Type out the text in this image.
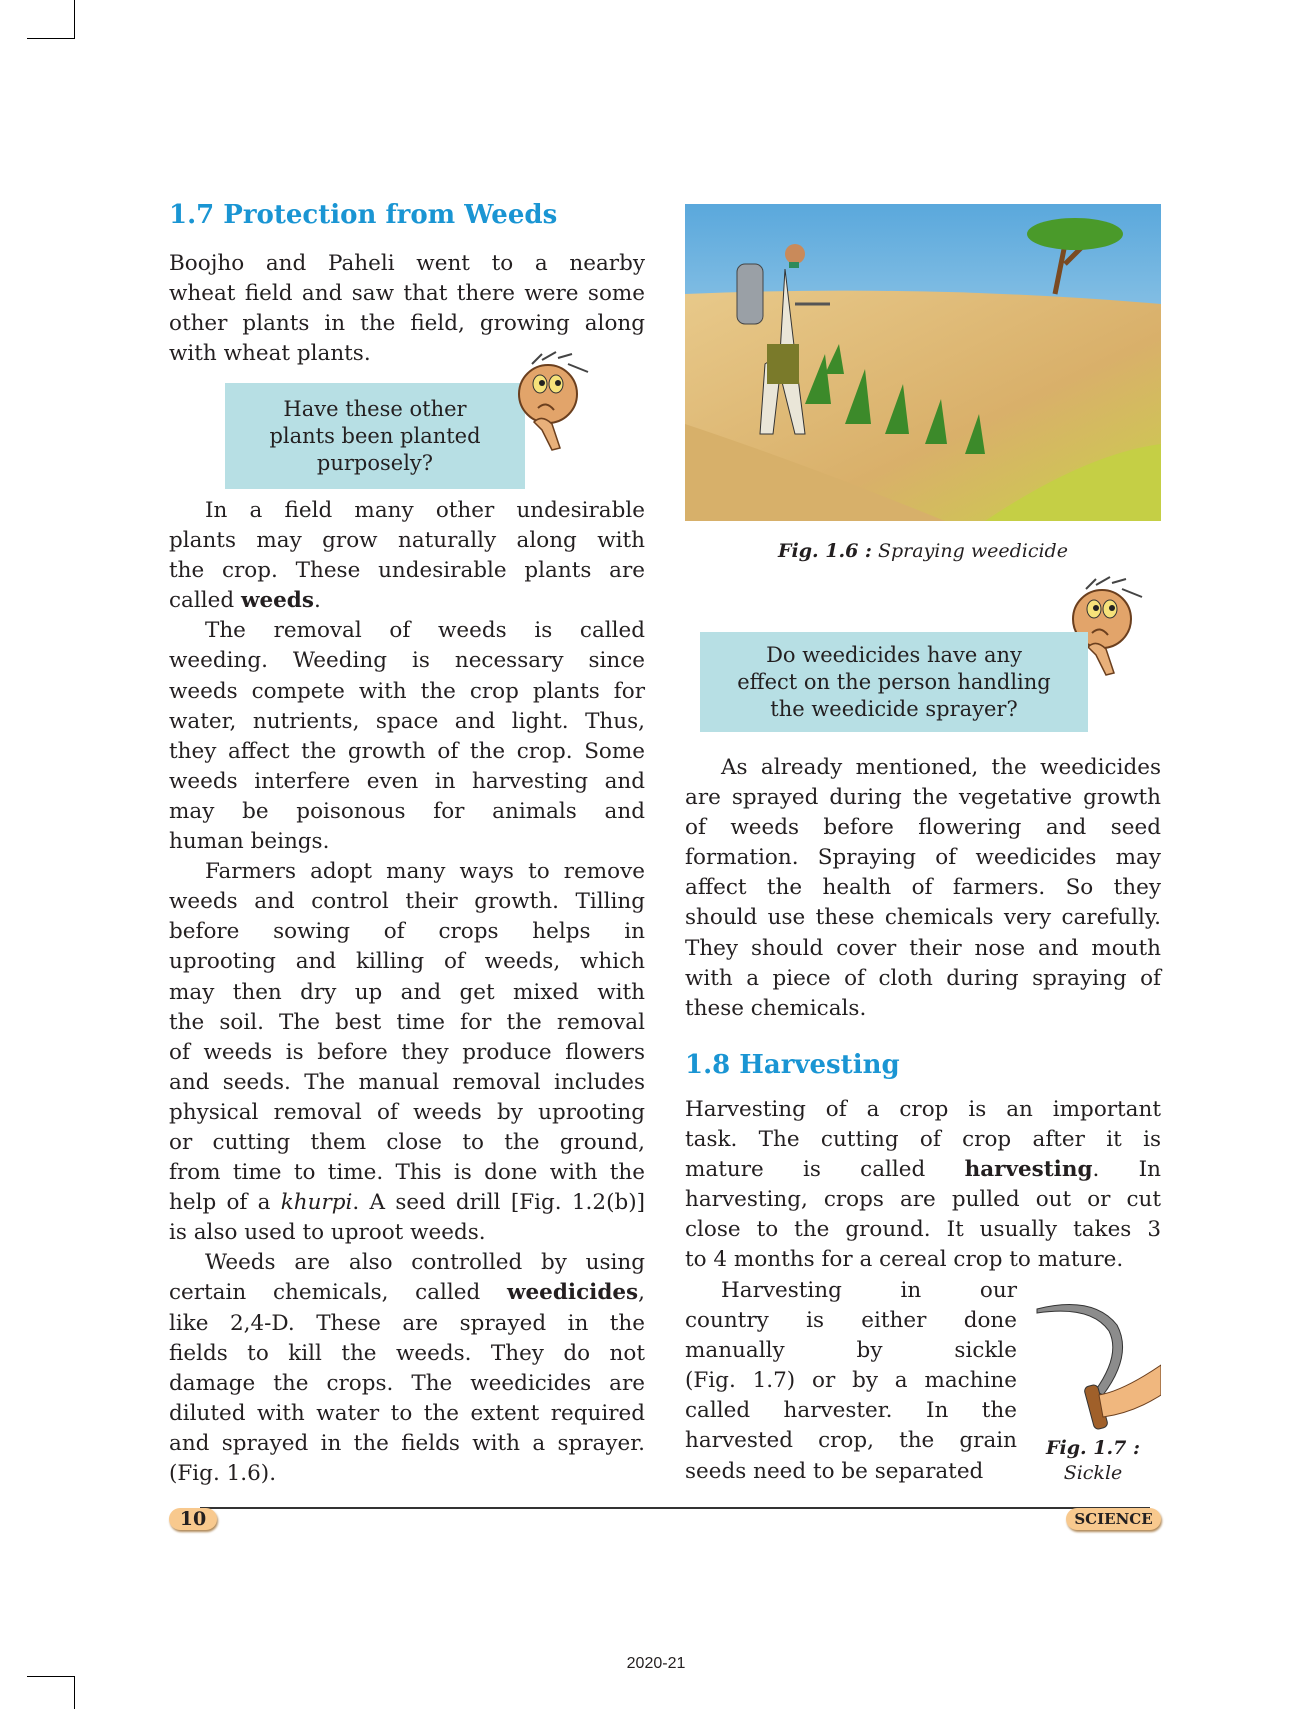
1.7 Protection from Weeds
Boojho and Paheli went to a nearby
wheat field and saw that there were some
other plants in the field, growing along
with wheat plants.
Have these other
plants been planted
purposely?
In a field many other undesirable
plants may grow naturally along with
the crop. These undesirable plants are
called weeds.
The removal of weeds is called
weeding. Weeding is necessary since
weeds compete with the crop plants for
water, nutrients, space and light. Thus,
they affect the growth of the crop. Some
weeds interfere even in harvesting and
may be poisonous for animals and
human beings.
Farmers adopt many ways to remove
weeds and control their growth. Tilling
before sowing of crops helps in
uprooting and killing of weeds, which
may then dry up and get mixed with
the soil. The best time for the removal
of weeds is before they produce flowers
and seeds. The manual removal includes
physical removal of weeds by uprooting
or cutting them close to the ground,
from time to time. This is done with the
help of a khurpi. A seed drill [Fig. 1.2(b)]
is also used to uproot weeds.
Weeds are also controlled by using
certain chemicals, called weedicides,
like 2,4-D. These are sprayed in the
fields to kill the weeds. They do not
damage the crops. The weedicides are
diluted with water to the extent required
and sprayed in the fields with a sprayer.
(Fig. 1.6).
Fig. 1.6 : Spraying weedicide
Do weedicides have any
effect on the person handling
the weedicide sprayer?
As already mentioned, the weedicides
are sprayed during the vegetative growth
of weeds before flowering and seed
formation. Spraying of weedicides may
affect the health of farmers. So they
should use these chemicals very carefully.
They should cover their nose and mouth
with a piece of cloth during spraying of
these chemicals.
1.8 Harvesting
Harvesting of a crop is an important
task. The cutting of crop after it is
mature is called harvesting. In
harvesting, crops are pulled out or cut
close to the ground. It usually takes 3
to 4 months for a cereal crop to mature.
Harvesting in our
country is either done
manually by sickle
(Fig. 1.7) or by a machine
called harvester. In the
harvested crop, the grain
seeds need to be separated
Fig. 1.7 :
Sickle
10	SCIENCE
2020-21
